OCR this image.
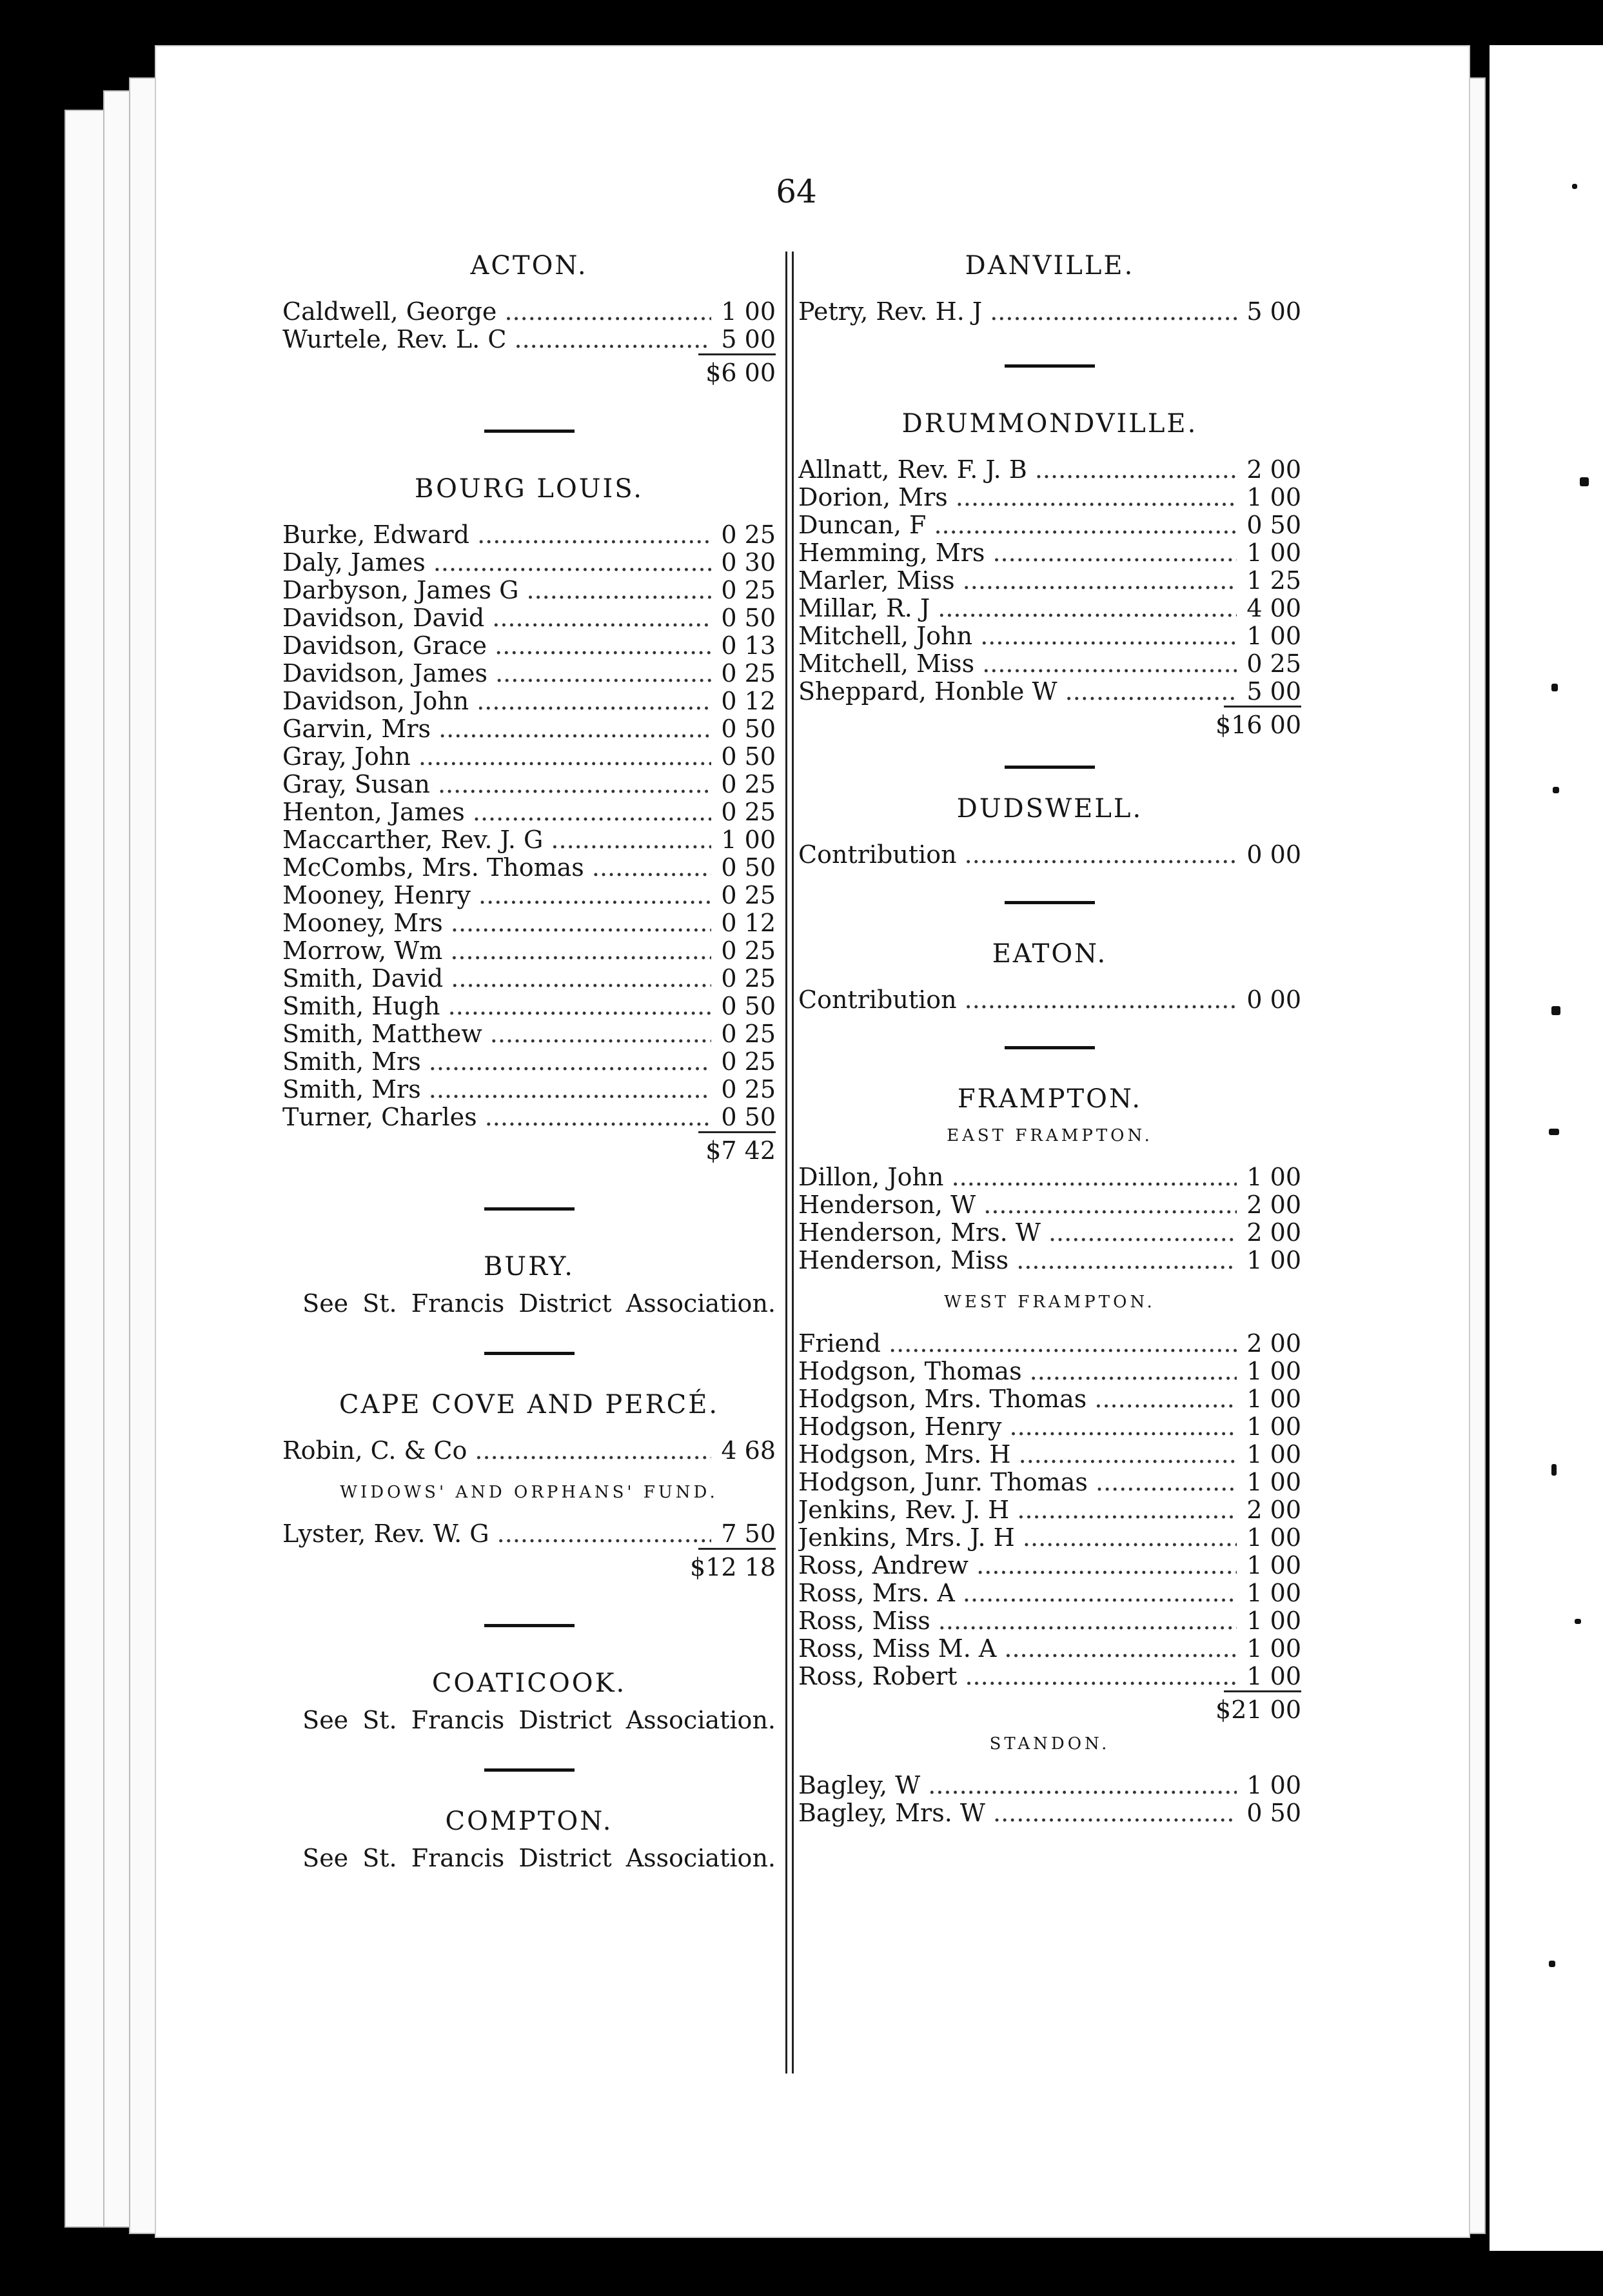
64
ACTON.
Caldwell, George .....	1 00
Wurtele, Rev. L. C .....	5 00
$6 00
BOURG LOUIS.
Burke, Edward .....	0 25
Daly, James .....	0 30
Darbyson, James G .....	0 25
Davidson, David .....	0 50
Davidson, Grace .....	0 13
Davidson, James .....	0 25
Davidson, John .....	0 12
Garvin, Mrs .....	0 50
Gray, John .....	0 50
Gray, Susan .....	0 25
Henton, James .....	0 25
Maccarther, Rev. J. G .....	1 00
McCombs, Mrs. Thomas .....	0 50
Mooney, Henry .....	0 25
Mooney, Mrs .....	0 12
Morrow, Wm .....	0 25
Smith, David .....	0 25
Smith, Hugh .....	0 50
Smith, Matthew .....	0 25
Smith, Mrs .....	0 25
Smith, Mrs .....	0 25
Turner, Charles .....	0 50
$7 42
BURY.
See St. Francis District Association.
CAPE COVE AND PERCÉ.
Robin, C. & Co .....	4 68
WIDOWS' AND ORPHANS' FUND.
Lyster, Rev. W. G .....	7 50
$12 18
COATICOOK.
See St. Francis District Association.
COMPTON.
See St. Francis District Association.
DANVILLE.
Petry, Rev. H. J .....	5 00
DRUMMONDVILLE.
Allnatt, Rev. F. J. B .....	2 00
Dorion, Mrs .....	1 00
Duncan, F .....	0 50
Hemming, Mrs .....	1 00
Marler, Miss .....	1 25
Millar, R. J .....	4 00
Mitchell, John .....	1 00
Mitchell, Miss .....	0 25
Sheppard, Honble W .....	5 00
$16 00
DUDSWELL.
Contribution .....	0 00
EATON.
Contribution .....	0 00
FRAMPTON.
EAST FRAMPTON.
Dillon, John .....	1 00
Henderson, W .....	2 00
Henderson, Mrs. W .....	2 00
Henderson, Miss .....	1 00
WEST FRAMPTON.
Friend .....	2 00
Hodgson, Thomas .....	1 00
Hodgson, Mrs. Thomas .....	1 00
Hodgson, Henry .....	1 00
Hodgson, Mrs. H .....	1 00
Hodgson, Junr. Thomas .....	1 00
Jenkins, Rev. J. H .....	2 00
Jenkins, Mrs. J. H .....	1 00
Ross, Andrew .....	1 00
Ross, Mrs. A .....	1 00
Ross, Miss .....	1 00
Ross, Miss M. A .....	1 00
Ross, Robert .....	1 00
$21 00
STANDON.
Bagley, W .....	1 00
Bagley, Mrs. W .....	0 50
